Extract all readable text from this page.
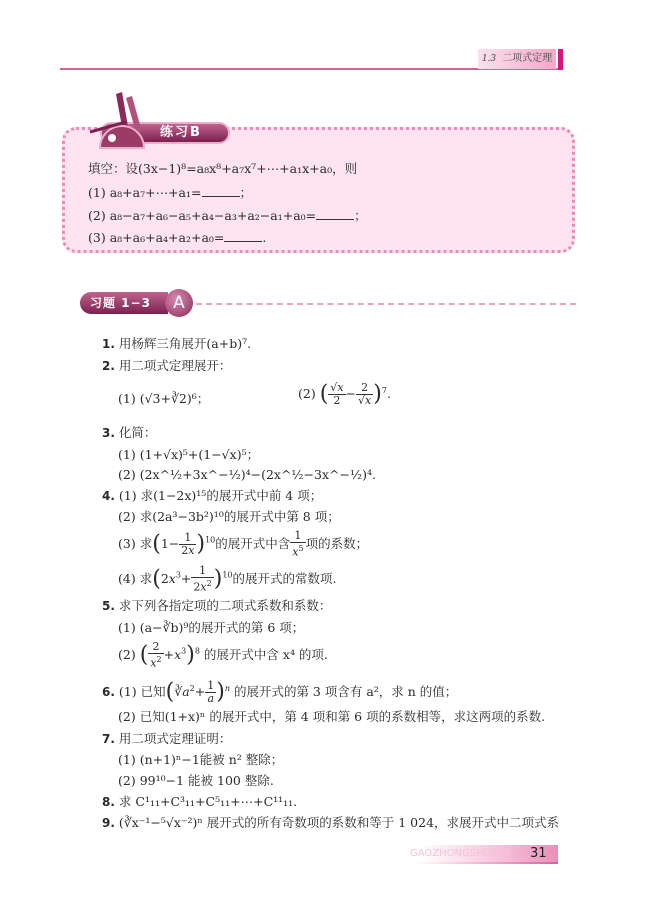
1.3 二项式定理
练习B
填空：设(3x−1)⁸=a₈x⁸+a₇x⁷+⋯+a₁x+a₀，则
(1) a₈+a₇+⋯+a₁=	；
(2) a₈−a₇+a₆−a₅+a₄−a₃+a₂−a₁+a₀=	；
(3) a₈+a₆+a₄+a₂+a₀=	.
习题 1−3	A
1. 用杨辉三角展开(a+b)⁷.
2. 用二项式定理展开：
(1) (√3+∛2)⁶；	(2) ( $\frac{√x}{2} - \frac{2}{√x} )^7$.
3. 化简：
(1) (1+√x)⁵+(1−√x)⁵；
(2) (2x^½+3x^−½)⁴−(2x^½−3x^−½)⁴.
4. (1) 求(1−2x)¹⁵的展开式中前 4 项；
(2) 求(2a³−3b²)¹⁰的展开式中第 8 项；
(3) 求$(1- \frac{1}{2x} )^{10}$的展开式中含 $\frac{1}{x^5}$ 项的系数；
(4) 求$(2x^3+ \frac{1}{2x^2} )^{10}$的展开式的常数项.
5. 求下列各指定项的二项式系数和系数：
(1) (a−∛b)⁹的展开式的第 6 项；
(2) ( $\frac{2}{x^2} +x^3)^8$ 的展开式中含 x⁴ 的项.
6. (1) 已知$(∛a^2+ \frac{1}{a} )^n$ 的展开式的第 3 项含有 a²，求 n 的值；
(2) 已知(1+x)ⁿ 的展开式中，第 4 项和第 6 项的系数相等，求这两项的系数.
7. 用二项式定理证明：
(1) (n+1)ⁿ−1能被 n² 整除；
(2) 99¹⁰−1 能被 100 整除.
8. 求 C¹₁₁+C³₁₁+C⁵₁₁+⋯+C¹¹₁₁.
9. (∛x⁻¹−⁵√x⁻²)ⁿ 展开式的所有奇数项的系数和等于 1 024，求展开式中二项式系
GAOZHONGSHUXUE 31
